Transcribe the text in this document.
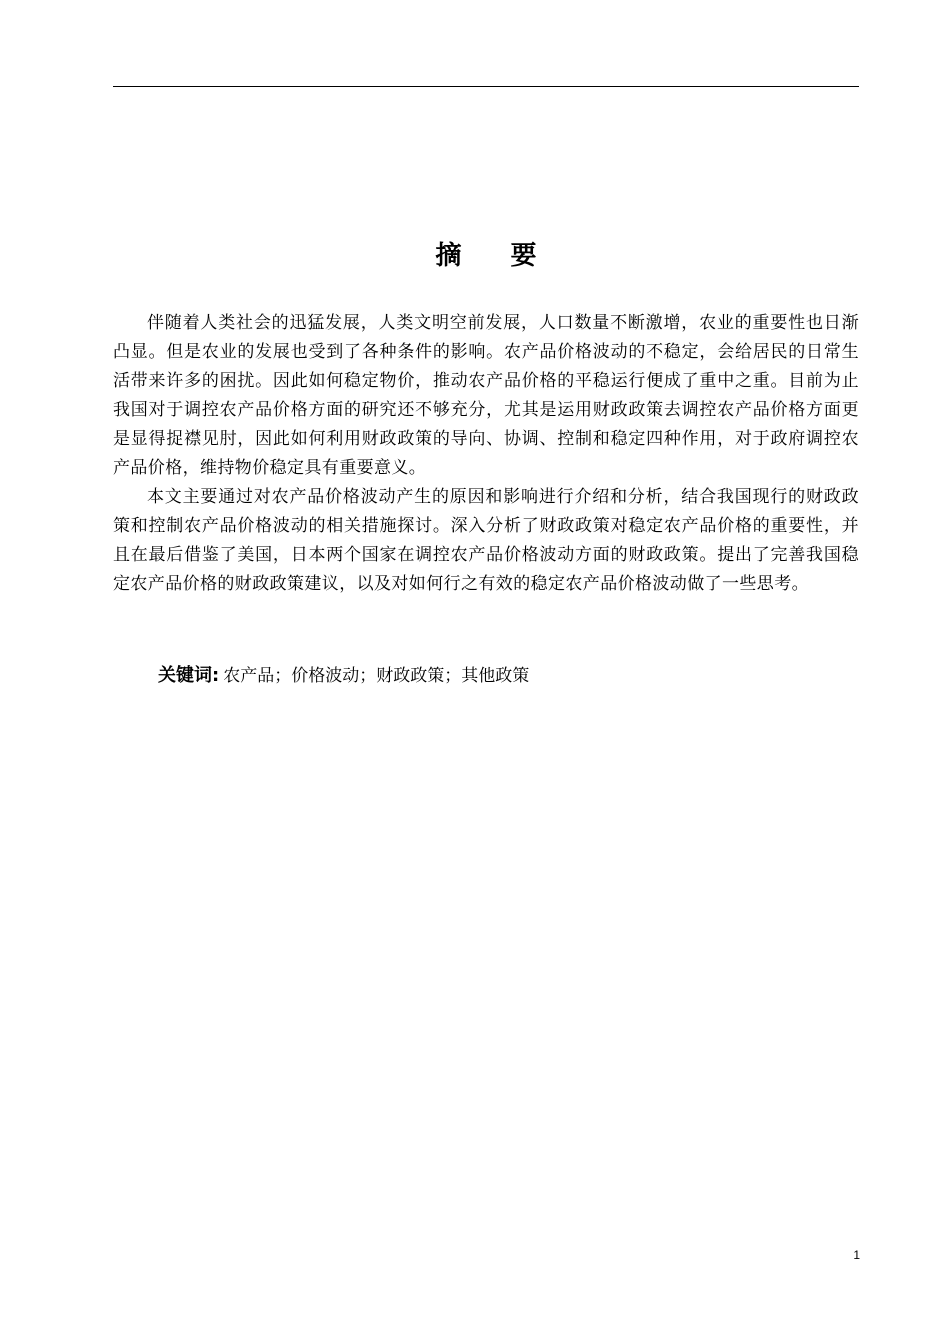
摘 要

伴随着人类社会的迅猛发展，人类文明空前发展，人口数量不断激增，农业的重要性也日渐凸显。但是农业的发展也受到了各种条件的影响。农产品价格波动的不稳定，会给居民的日常生活带来许多的困扰。因此如何稳定物价，推动农产品价格的平稳运行便成了重中之重。目前为止我国对于调控农产品价格方面的研究还不够充分，尤其是运用财政政策去调控农产品价格方面更是显得捉襟见肘，因此如何利用财政政策的导向、协调、控制和稳定四种作用，对于政府调控农产品价格，维持物价稳定具有重要意义。

本文主要通过对农产品价格波动产生的原因和影响进行介绍和分析，结合我国现行的财政政策和控制农产品价格波动的相关措施探讨。深入分析了财政政策对稳定农产品价格的重要性，并且在最后借鉴了美国，日本两个国家在调控农产品价格波动方面的财政政策。提出了完善我国稳定农产品价格的财政政策建议，以及对如何行之有效的稳定农产品价格波动做了一些思考。

关键词: 农产品；价格波动；财政政策；其他政策
1
